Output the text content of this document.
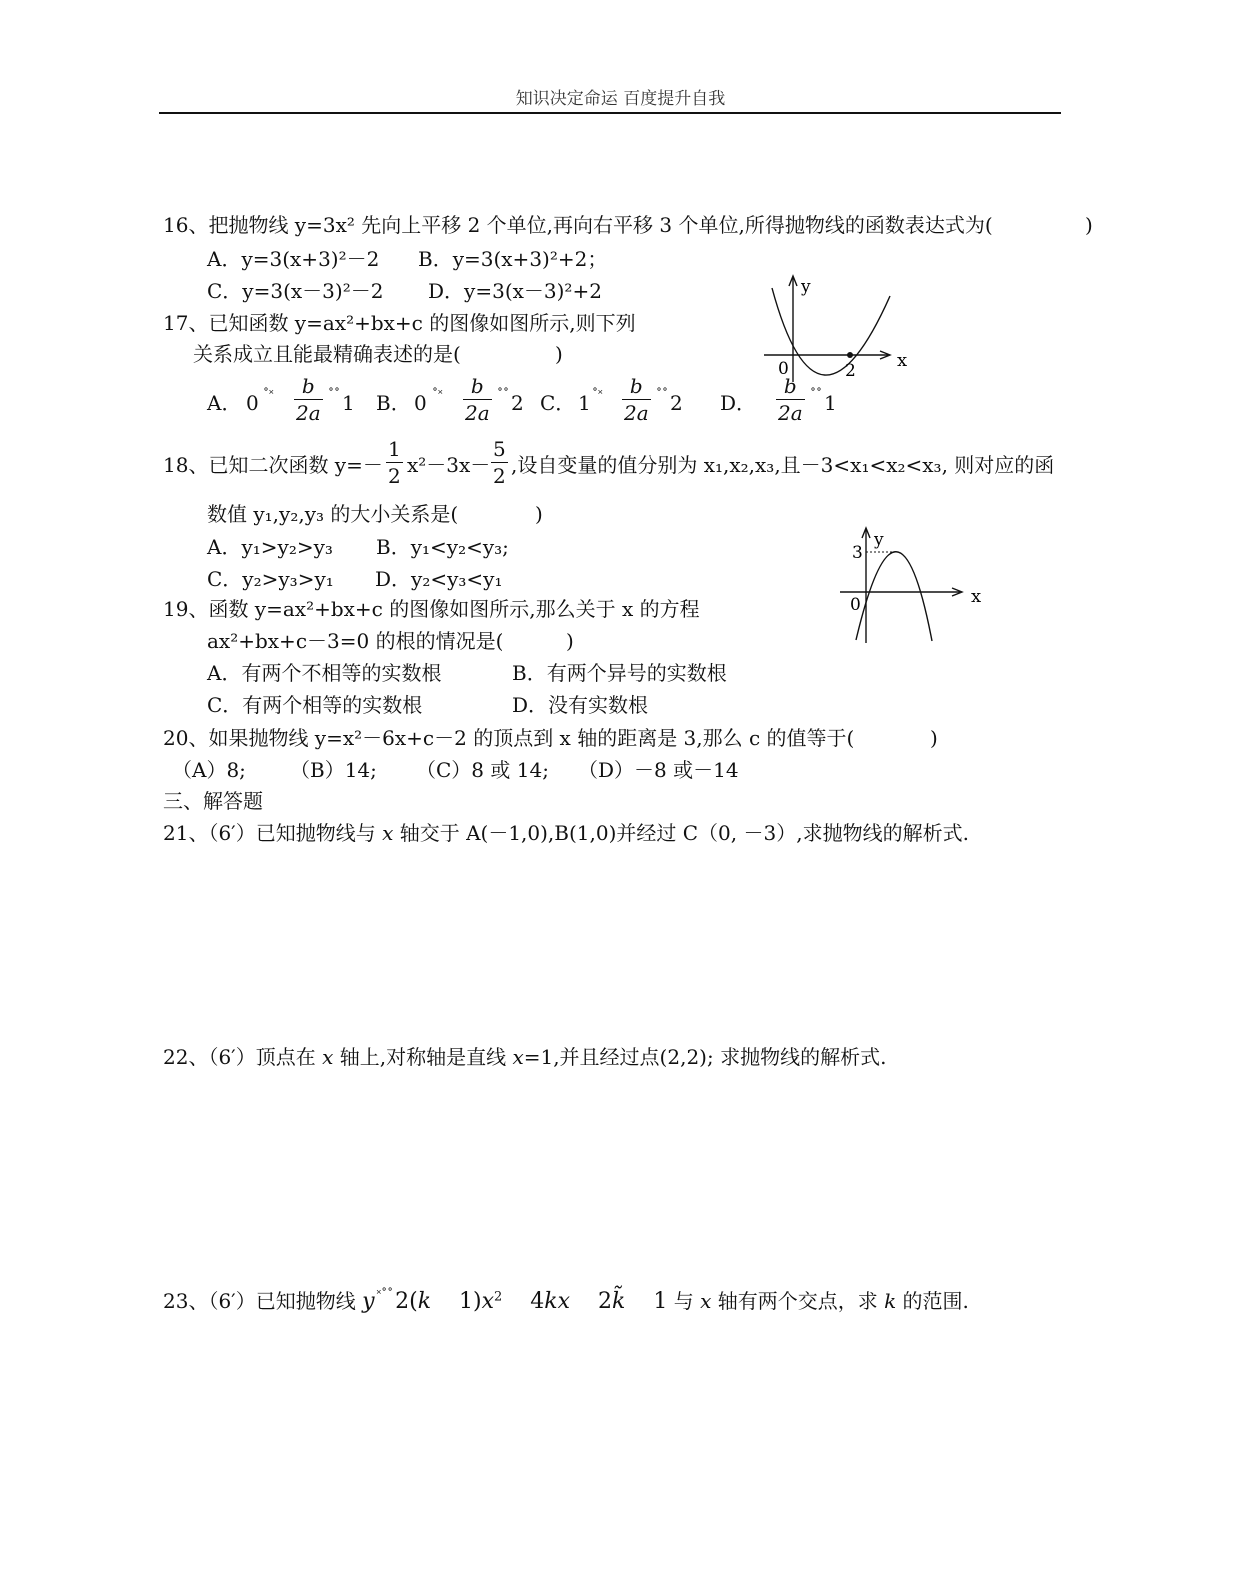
知识决定命运 百度提升自我
16、把抛物线 y=3x² 先向上平移 2 个单位,再向右平移 3 个单位,所得抛物线的函数表达式为(	)
A．y=3(x+3)²－2 B．y=3(x+3)²+2；
C．y=3(x－3)²－2 D．y=3(x－3)²+2
17、已知函数 y=ax²+bx+c 的图像如图所示,则下列
关系成立且能最精确表述的是(	)
A． 0 ˚˟ $\frac{b}{2a}$ ˚˚ 1 B． 0 ˚˟ $\frac{b}{2a}$ ˚˚ 2 C． 1 ˚˟ $\frac{b}{2a}$ ˚˚ 2 D． $\frac{b}{2a}$ ˚˚ 1
y
x
0	2
18、已知二次函数 $y=- \frac{1}{2} x^2-3x- \frac{5}{2}$ ,设自变量的值分别为 x₁,x₂,x₃,且－3<x₁<x₂<x₃, 则对应的函
数值 y₁,y₂,y₃ 的大小关系是(	)
A．y₁>y₂>y₃ B．y₁<y₂<y₃;
C．y₂>y₃>y₁ D．y₂<y₃<y₁
y
x
0
3
19、函数 y=ax²+bx+c 的图像如图所示,那么关于 x 的方程
ax²+bx+c－3=0 的根的情况是(	)
A．有两个不相等的实数根	B．有两个异号的实数根
C．有两个相等的实数根	D．没有实数根
20、如果抛物线 y=x²－6x+c－2 的顶点到 x 轴的距离是 3,那么 c 的值等于(	)
（A）8; （B）14; （C）8 或 14; （D）－8 或－14
三、解答题
21、（6′）已知抛物线与 x 轴交于 A(－1,0),B(1,0)并经过 C（0, －3）,求抛物线的解析式.
22、（6′）顶点在 x 轴上,对称轴是直线 x=1,并且经过点(2,2); 求抛物线的解析式.
23、（6′）已知抛物线 y ˟˚˚2(k    $1)x^2$    4kx    2k̃    1 与 x 轴有两个交点，求 k 的范围.
